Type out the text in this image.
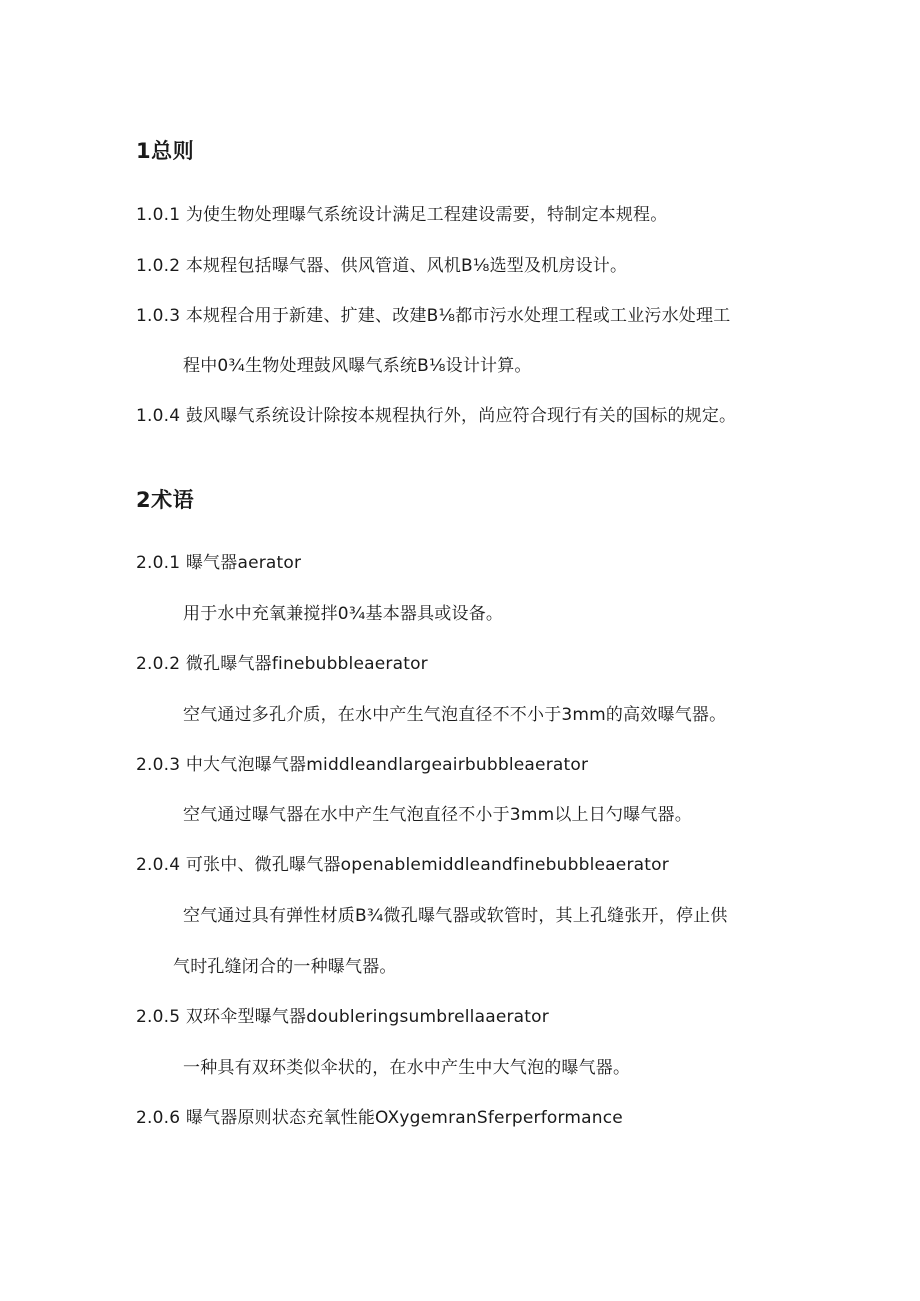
1总则
1.0.1 为使生物处理曝气系统设计满足工程建设需要，特制定本规程。
1.0.2 本规程包括曝气器、供风管道、风机B⅛选型及机房设计。
1.0.3 本规程合用于新建、扩建、改建B⅛都市污水处理工程或工业污水处理工
程中0¾生物处理鼓风曝气系统B⅛设计计算。
1.0.4 鼓风曝气系统设计除按本规程执行外，尚应符合现行有关的国标的规定。
2术语
2.0.1 曝气器aerator
用于水中充氧兼搅拌0¾基本器具或设备。
2.0.2 微孔曝气器finebubbleaerator
空气通过多孔介质，在水中产生气泡直径不不小于3mm的高效曝气器。
2.0.3 中大气泡曝气器middleandlargeairbubbleaerator
空气通过曝气器在水中产生气泡直径不小于3mm以上日勺曝气器。
2.0.4 可张中、微孔曝气器openablemiddleandfinebubbleaerator
空气通过具有弹性材质B¾微孔曝气器或软管时，其上孔缝张开，停止供
气时孔缝闭合的一种曝气器。
2.0.5 双环伞型曝气器doubleringsumbrellaaerator
一种具有双环类似伞状的，在水中产生中大气泡的曝气器。
2.0.6 曝气器原则状态充氧性能OXygemranSferperformance
